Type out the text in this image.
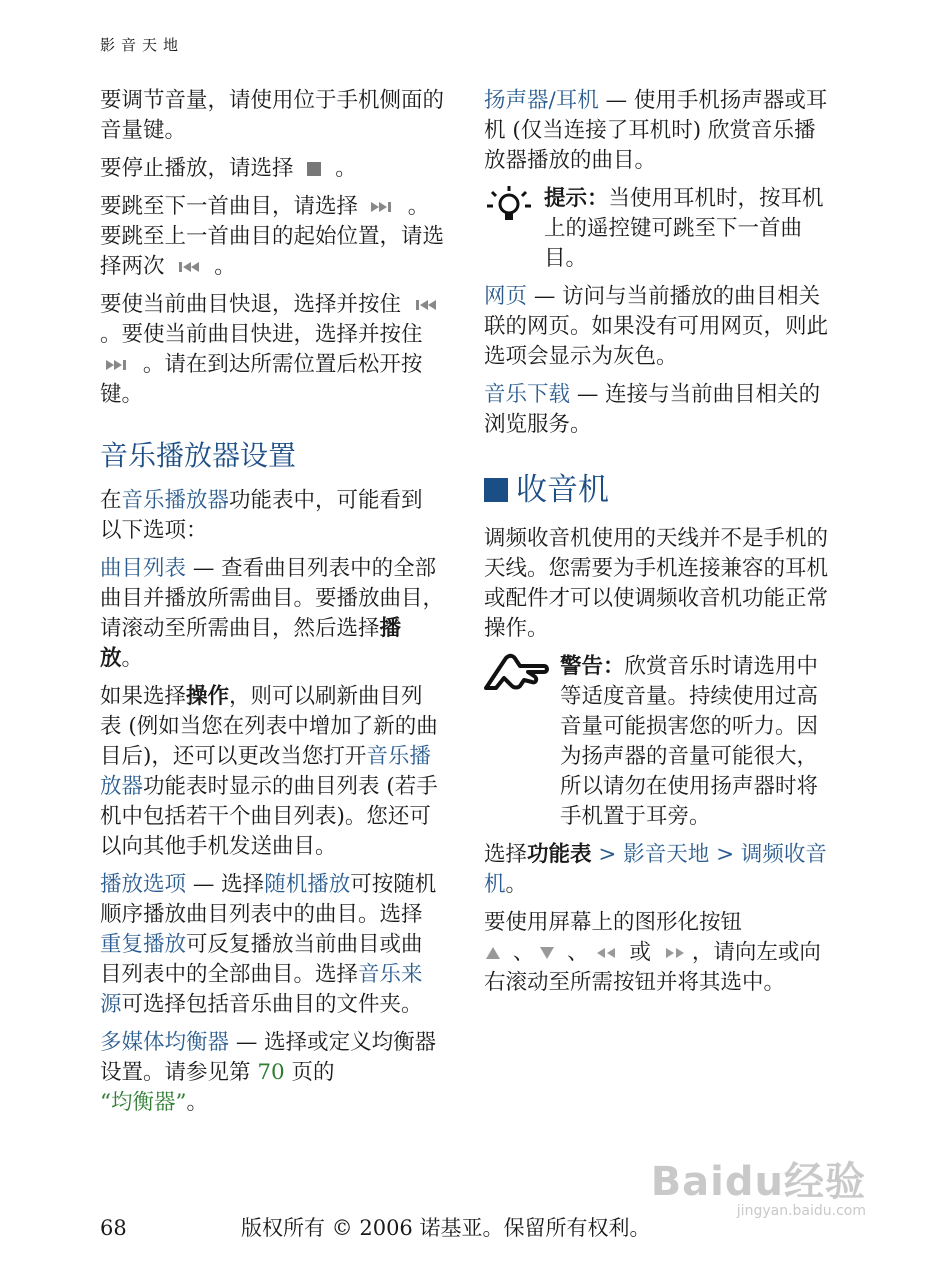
影音天地

要调节音量，请使用位于手机侧面的音量键。

要停止播放，请选择 。

要跳至下一首曲目，请选择 。要跳至上一首曲目的起始位置，请选择两次 。

要使当前曲目快退，选择并按住  。要使当前曲目快进，选择并按住  。请在到达所需位置后松开按键。

音乐播放器设置

在音乐播放器功能表中，可能看到以下选项：

曲目列表 — 查看曲目列表中的全部曲目并播放所需曲目。要播放曲目，请滚动至所需曲目，然后选择播放。

如果选择操作，则可以刷新曲目列表 (例如当您在列表中增加了新的曲目后)，还可以更改当您打开音乐播放器功能表时显示的曲目列表 (若手机中包括若干个曲目列表)。您还可以向其他手机发送曲目。

播放选项 — 选择随机播放可按随机顺序播放曲目列表中的曲目。选择重复播放可反复播放当前曲目或曲目列表中的全部曲目。选择音乐来源可选择包括音乐曲目的文件夹。

多媒体均衡器 — 选择或定义均衡器设置。请参见第 70 页的
“均衡器”。

扬声器/耳机 — 使用手机扬声器或耳机 (仅当连接了耳机时) 欣赏音乐播放器播放的曲目。

提示：当使用耳机时，按耳机上的遥控键可跳至下一首曲目。

网页 — 访问与当前播放的曲目相关联的网页。如果没有可用网页，则此选项会显示为灰色。

音乐下载 — 连接与当前曲目相关的浏览服务。

收音机

调频收音机使用的天线并不是手机的天线。您需要为手机连接兼容的耳机或配件才可以使调频收音机功能正常操作。

警告：欣赏音乐时请选用中等适度音量。持续使用过高音量可能损害您的听力。因为扬声器的音量可能很大，所以请勿在使用扬声器时将手机置于耳旁。

选择功能表 > 影音天地 > 调频收音机。

要使用屏幕上的图形化按钮
、 、 或 ，请向左或向右滚动至所需按钮并将其选中。

Baidu经验
jingyan.baidu.com
68	版权所有 © 2006 诺基亚。保留所有权利。
